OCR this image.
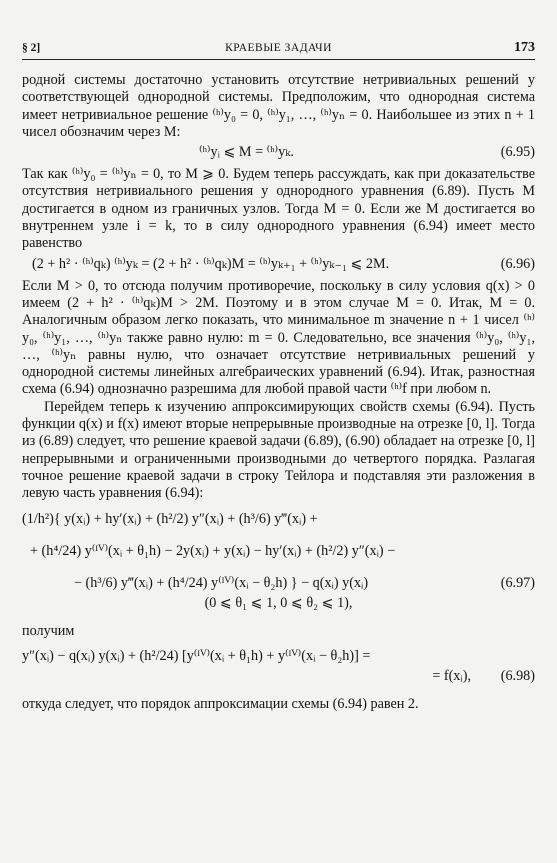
§ 2]	КРАЕВЫЕ ЗАДАЧИ	173

родной системы достаточно установить отсутствие нетривиальных решений у соответствующей однородной системы. Предположим, что однородная система имеет нетривиальное решение ⁽ʰ⁾y₀ = 0, ⁽ʰ⁾y₁, …, ⁽ʰ⁾yₙ = 0. Наибольшее из этих n + 1 чисел обозначим через M:

⁽ʰ⁾yᵢ ⩽ M = ⁽ʰ⁾yₖ.	(6.95)

Так как ⁽ʰ⁾y₀ = ⁽ʰ⁾yₙ = 0, то M ⩾ 0. Будем теперь рассуждать, как при доказательстве отсутствия нетривиального решения у однородного уравнения (6.89). Пусть M достигается в одном из граничных узлов. Тогда M = 0. Если же M достигается во внутреннем узле i = k, то в силу однородного уравнения (6.94) имеет место равенство

(2 + h² · ⁽ʰ⁾qₖ) ⁽ʰ⁾yₖ = (2 + h² · ⁽ʰ⁾qₖ)M = ⁽ʰ⁾yₖ₊₁ + ⁽ʰ⁾yₖ₋₁ ⩽ 2M.	(6.96)

Если M > 0, то отсюда получим противоречие, поскольку в силу условия q(x) > 0 имеем (2 + h² · ⁽ʰ⁾qₖ)M > 2M. Поэтому и в этом случае M = 0. Итак, M = 0. Аналогичным образом легко показать, что минимальное m значение n + 1 чисел ⁽ʰ⁾y₀, ⁽ʰ⁾y₁, …, ⁽ʰ⁾yₙ также равно нулю: m = 0. Следовательно, все значения ⁽ʰ⁾y₀, ⁽ʰ⁾y₁, …, ⁽ʰ⁾yₙ равны нулю, что означает отсутствие нетривиальных решений у однородной системы линейных алгебраических уравнений (6.94). Итак, разностная схема (6.94) однозначно разрешима для любой правой части ⁽ʰ⁾f при любом n.

Перейдем теперь к изучению аппроксимирующих свойств схемы (6.94). Пусть функции q(x) и f(x) имеют вторые непрерывные производные на отрезке [0, l]. Тогда из (6.89) следует, что решение краевой задачи (6.89), (6.90) обладает на отрезке [0, l] непрерывными и ограниченными производными до четвертого порядка. Разлагая точное решение краевой задачи в строку Тейлора и подставляя эти разложения в левую часть уравнения (6.94):

(1/h²){ y(xᵢ) + hy′(xᵢ) + (h²/2) y″(xᵢ) + (h³/6) y‴(xᵢ) +
+ (h⁴/24) y⁽ᴵⱽ⁾(xᵢ + θ₁h) − 2y(xᵢ) + y(xᵢ) − hy′(xᵢ) + (h²/2) y″(xᵢ) −
− (h³/6) y‴(xᵢ) + (h⁴/24) y⁽ᴵⱽ⁾(xᵢ − θ₂h) } − q(xᵢ) y(xᵢ)	(6.97)
(0 ⩽ θ₁ ⩽ 1, 0 ⩽ θ₂ ⩽ 1),

получим

y″(xᵢ) − q(xᵢ) y(xᵢ) + (h²/24) [y⁽ᴵⱽ⁾(xᵢ + θ₁h) + y⁽ᴵⱽ⁾(xᵢ − θ₂h)] =
= f(xᵢ), (6.98)

откуда следует, что порядок аппроксимации схемы (6.94) равен 2.
